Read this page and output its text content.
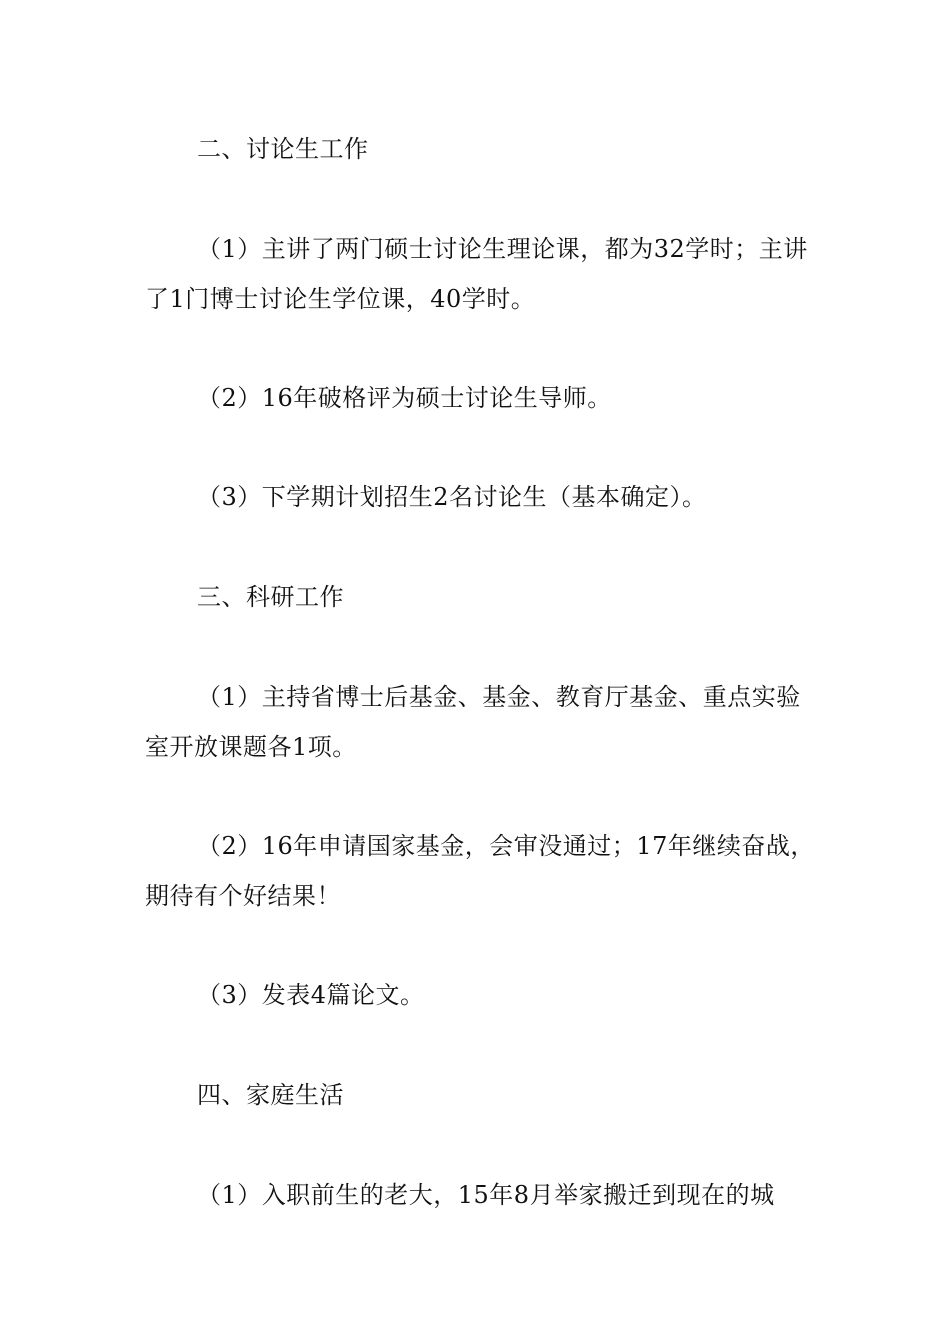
二、讨论生工作
（1）主讲了两门硕士讨论生理论课，都为32学时；主讲了1门博士讨论生学位课，40学时。
（2）16年破格评为硕士讨论生导师。
（3）下学期计划招生2名讨论生（基本确定）。
三、科研工作
（1）主持省博士后基金、基金、教育厅基金、重点实验室开放课题各1项。
（2）16年申请国家基金，会审没通过；17年继续奋战，期待有个好结果！
（3）发表4篇论文。
四、家庭生活
（1）入职前生的老大，15年8月举家搬迁到现在的城
